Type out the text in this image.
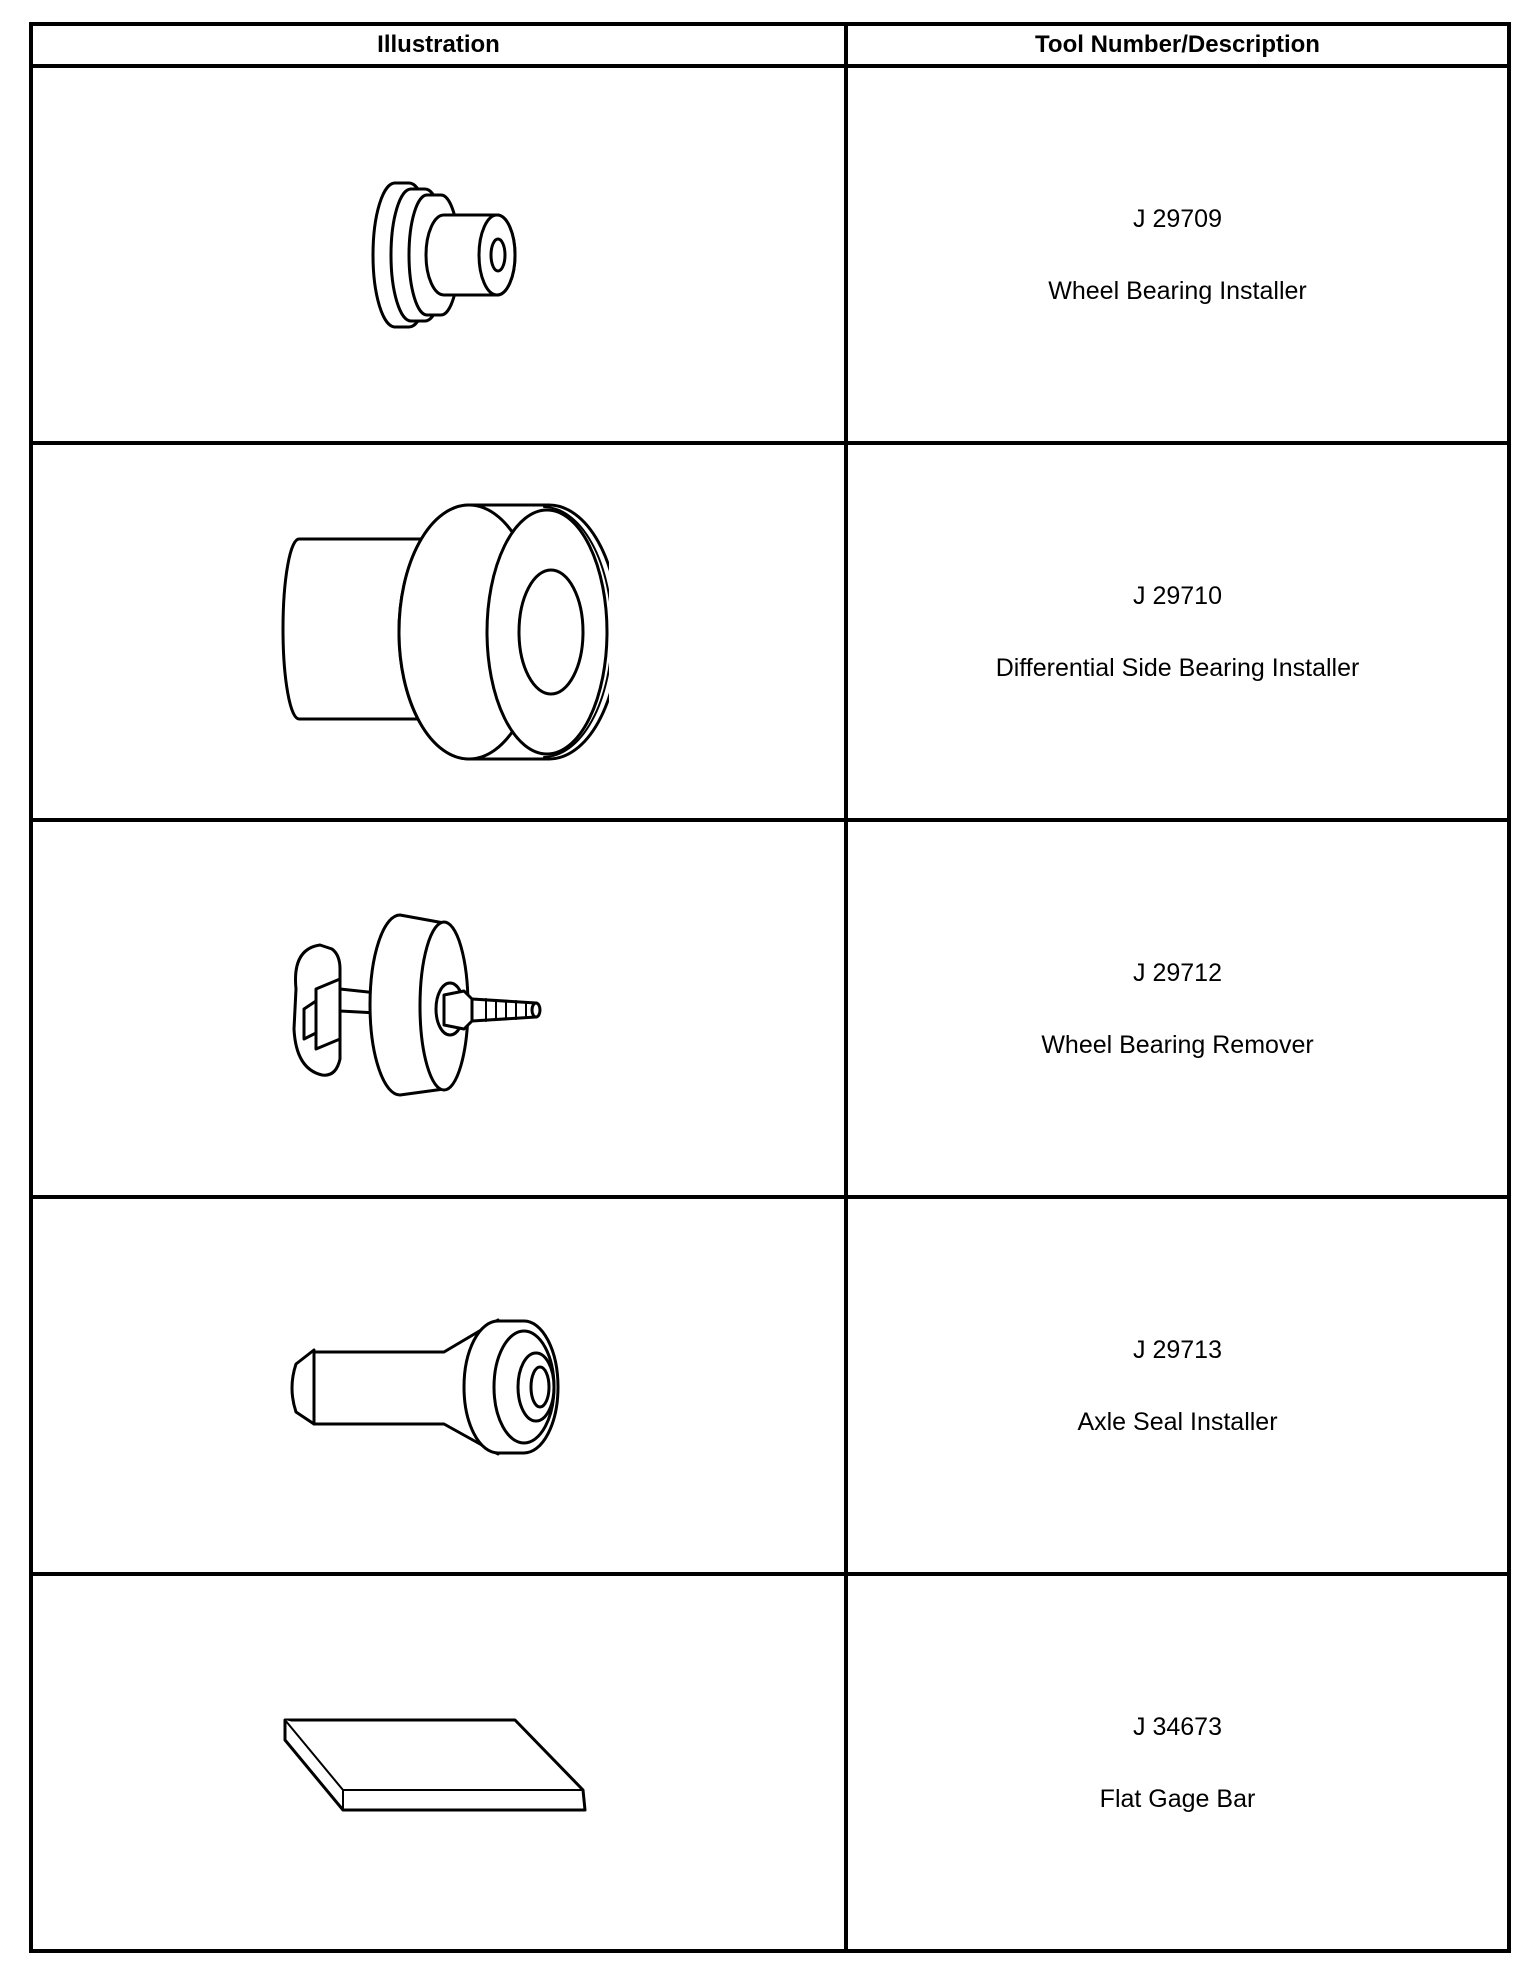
Illustration	Tool Number/Description

J 29709
Wheel Bearing Installer

J 29710
Differential Side Bearing Installer

J 29712
Wheel Bearing Remover

J 29713
Axle Seal Installer

J 34673
Flat Gage Bar
